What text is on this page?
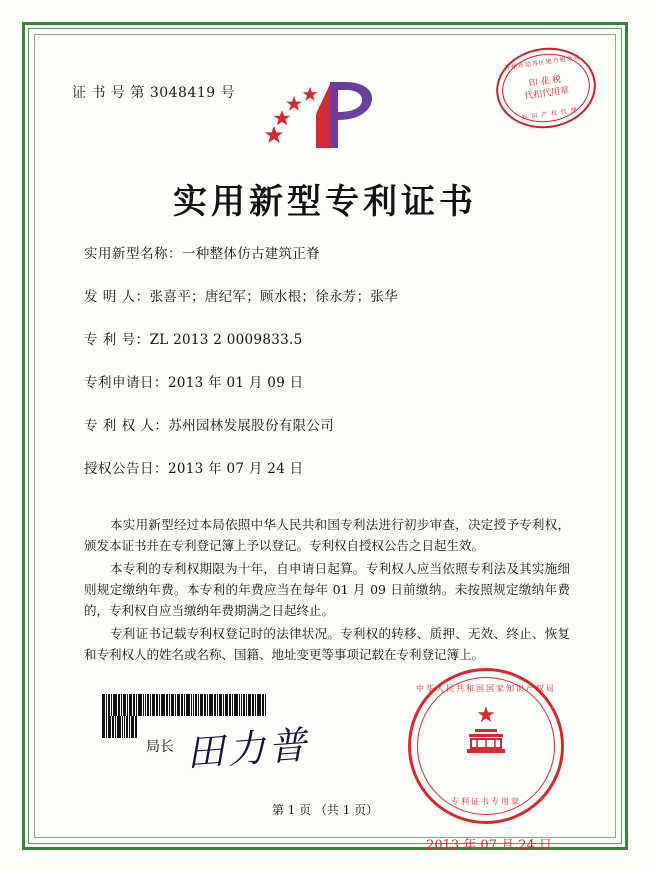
证 书 号 第 3048419 号
苏州市姑苏区地方税务局
印 花 税
代扣代用章
知 识 产 权 代 理
实用新型专利证书
实用新型名称：一种整体仿古建筑正脊
发 明 人：张喜平；唐纪军；顾水根；徐永芳；张华
专 利 号：ZL 2013 2 0009833.5
专利申请日：2013 年 01 月 09 日
专 利 权 人：苏州园林发展股份有限公司
授权公告日：2013 年 07 月 24 日

本实用新型经过本局依照中华人民共和国专利法进行初步审查，决定授予专利权，颁发本证书并在专利登记簿上予以登记。专利权自授权公告之日起生效。

本专利的专利权期限为十年，自申请日起算。专利权人应当依照专利法及其实施细则规定缴纳年费。本专利的年费应当在每年 01 月 09 日前缴纳。未按照规定缴纳年费的，专利权自应当缴纳年费期满之日起终止。

专利证书记载专利权登记时的法律状况。专利权的转移、质押、无效、终止、恢复和专利权人的姓名或名称、国籍、地址变更等事项记载在专利登记簿上。

局长 田力普
中华人民共和国国家知识产权局
★
专利证书专用章
2013 年 07 月 24 日
第 1 页 （共 1 页）
